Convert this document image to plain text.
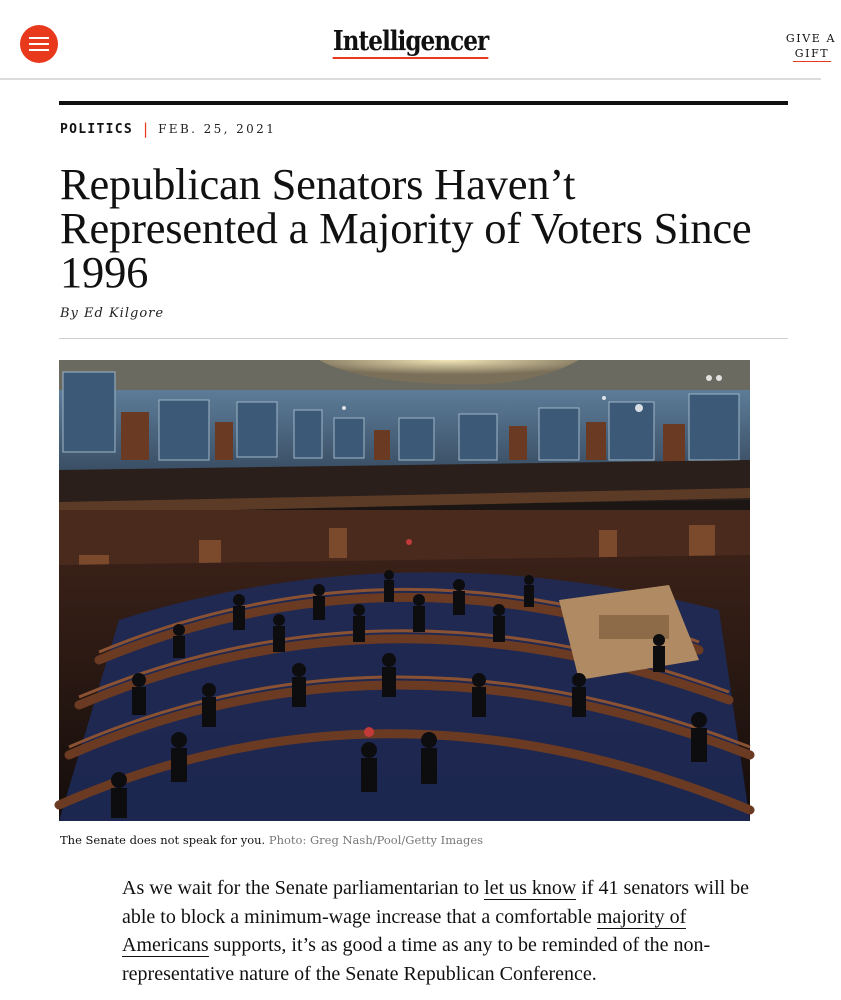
Intelligencer	GIVE A
GIFT
POLITICS | FEB. 25, 2021
Republican Senators Haven’t Represented a Majority of Voters Since 1996
By Ed Kilgore
The Senate does not speak for you. Photo: Greg Nash/Pool/Getty Images

As we wait for the Senate parliamentarian to let us know if 41 senators will be able to block a minimum-wage increase that a comfortable majority of Americans supports, it’s as good a time as any to be reminded of the non-representative nature of the Senate Republican Conference.
